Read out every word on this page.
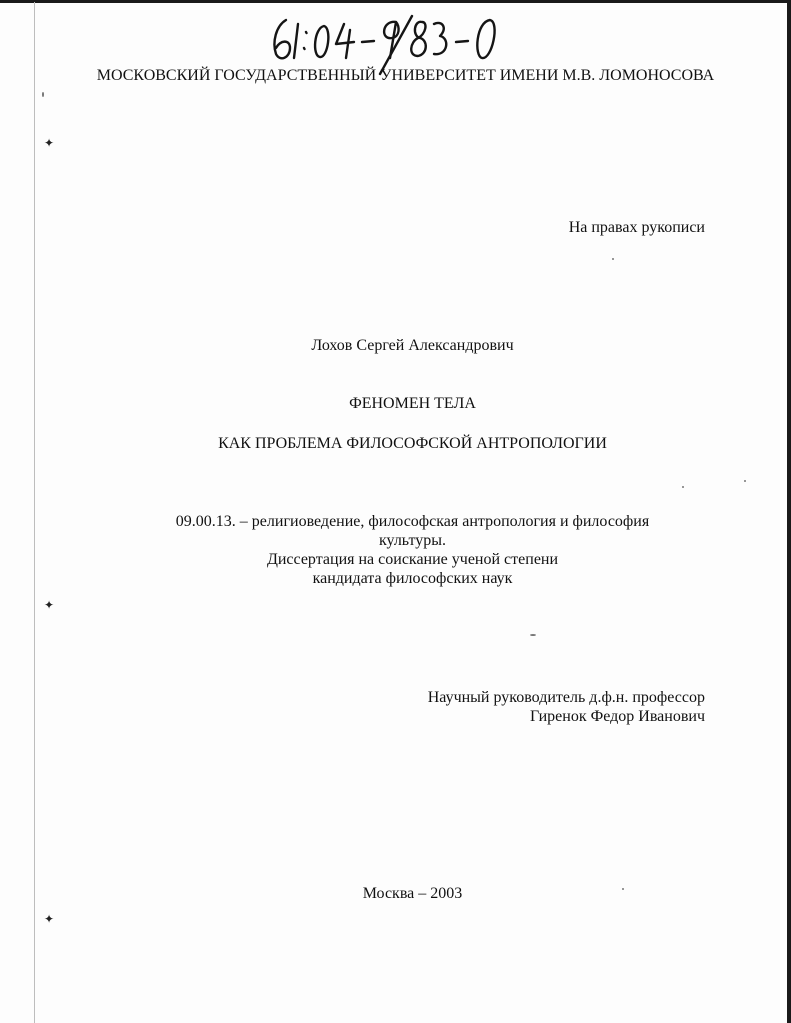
МОСКОВСКИЙ ГОСУДАРСТВЕННЫЙ УНИВЕРСИТЕТ ИМЕНИ М.В. ЛОМОНОСОВА
На правах рукописи
Лохов Сергей Александрович
ФЕНОМЕН ТЕЛА
КАК ПРОБЛЕМА ФИЛОСОФСКОЙ АНТРОПОЛОГИИ
09.00.13. – религиоведение, философская антропология и философия
культуры.
Диссертация на соискание ученой степени
кандидата философских наук
Научный руководитель д.ф.н. профессор
Гиренок Федор Иванович
Москва – 2003
✦
✦
✦
